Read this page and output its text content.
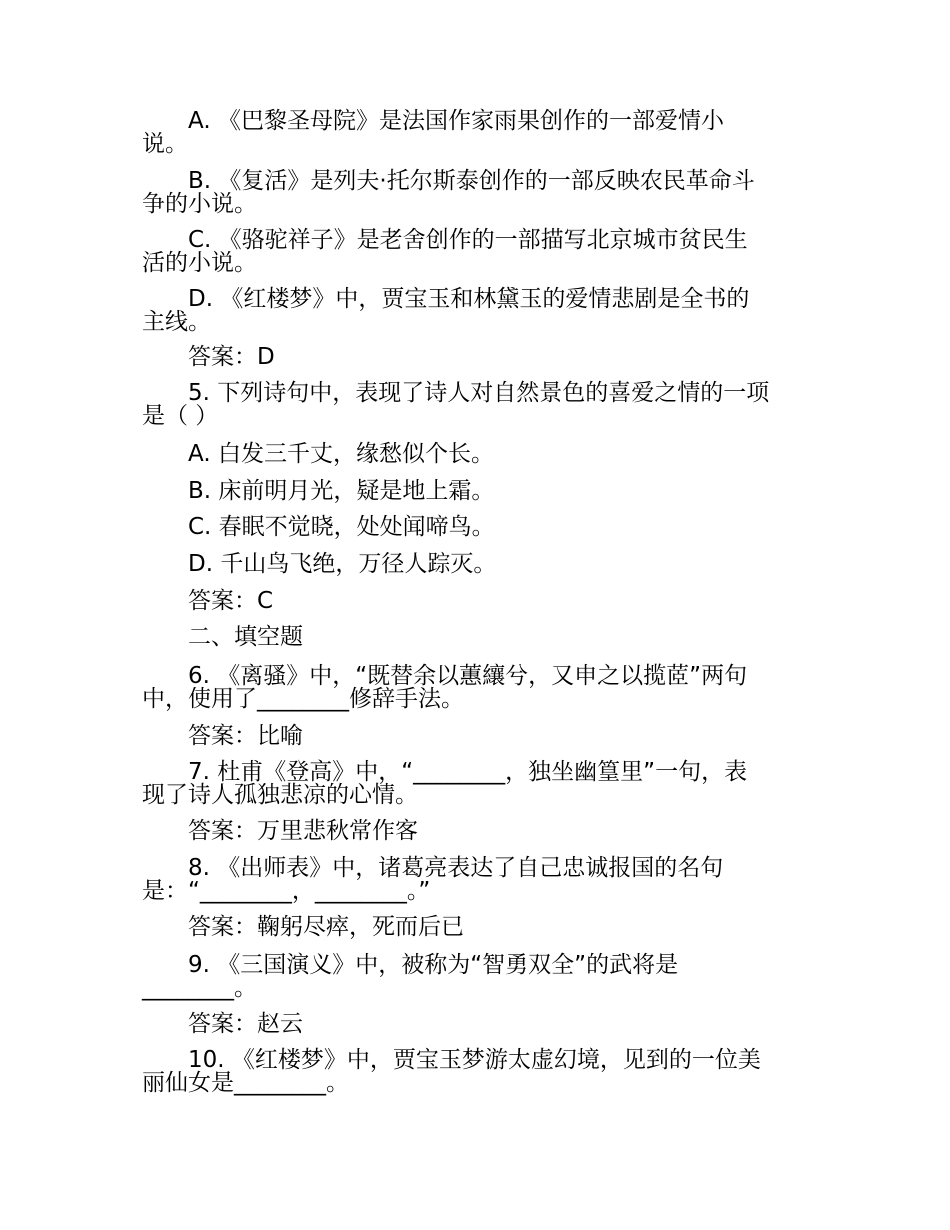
A. 《巴黎圣母院》是法国作家雨果创作的一部爱情小
说。
B. 《复活》是列夫·托尔斯泰创作的一部反映农民革命斗
争的小说。
C. 《骆驼祥子》是老舍创作的一部描写北京城市贫民生
活的小说。
D. 《红楼梦》中，贾宝玉和林黛玉的爱情悲剧是全书的
主线。
答案：D
5. 下列诗句中，表现了诗人对自然景色的喜爱之情的一项
是（ ）
A. 白发三千丈，缘愁似个长。
B. 床前明月光，疑是地上霜。
C. 春眠不觉晓，处处闻啼鸟。
D. 千山鸟飞绝，万径人踪灭。
答案：C
二、填空题
6. 《离骚》中，“既替余以蕙纕兮，又申之以揽茝”两句
中，使用了________修辞手法。
答案：比喻
7. 杜甫《登高》中，“________，独坐幽篁里”一句，表
现了诗人孤独悲凉的心情。
答案：万里悲秋常作客
8. 《出师表》中，诸葛亮表达了自己忠诚报国的名句
是：“________，________。”
答案：鞠躬尽瘁，死而后已
9. 《三国演义》中，被称为“智勇双全”的武将是
________。
答案：赵云
10. 《红楼梦》中，贾宝玉梦游太虚幻境，见到的一位美
丽仙女是________。
